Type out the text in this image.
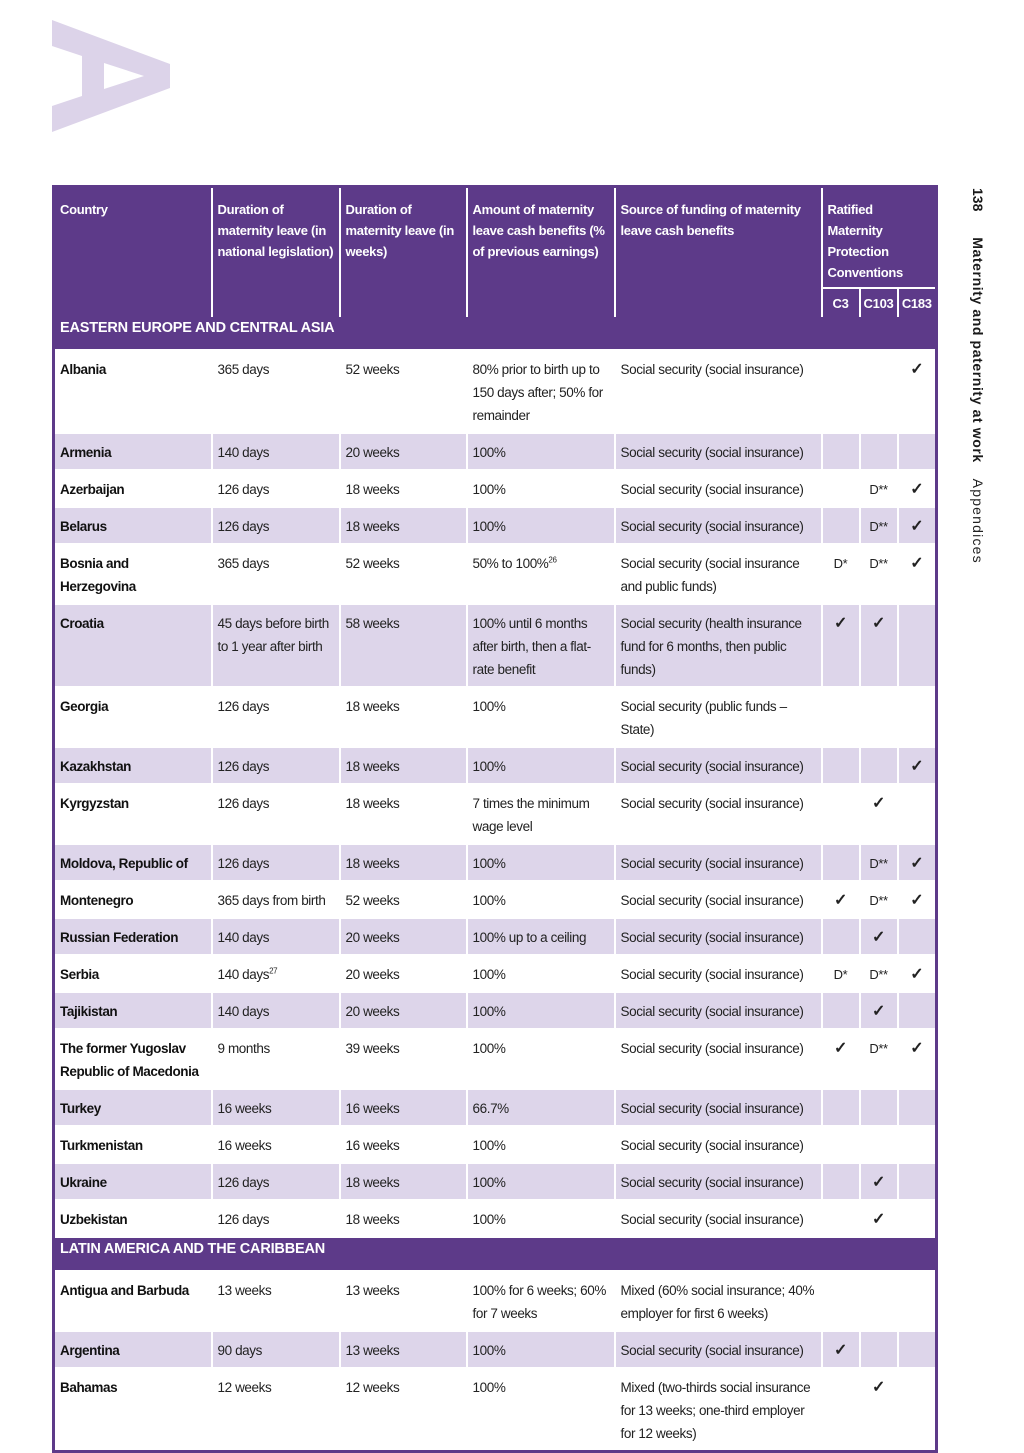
138 Maternity and paternity at work Appendices
Country	Duration of maternity leave (in national legislation)	Duration of maternity leave (in weeks)	Amount of maternity leave cash benefits (% of previous earnings)	Source of funding of maternity leave cash benefits	Ratified Maternity Protection Conventions		
					C3	C103	C183
EASTERN EUROPE AND CENTRAL ASIA							
Albania	365 days	52 weeks	80% prior to birth up to 150 days after; 50% for remainder	Social security (social insurance)			✓
Armenia	140 days	20 weeks	100%	Social security (social insurance)			
Azerbaijan	126 days	18 weeks	100%	Social security (social insurance)		D**	✓
Belarus	126 days	18 weeks	100%	Social security (social insurance)		D**	✓
Bosnia and Herzegovina	365 days	52 weeks	50% to 100%$^{26}$	Social security (social insurance and public funds)	D*	D**	✓
Croatia	45 days before birth to 1 year after birth	58 weeks	100% until 6 months after birth, then a flat-rate benefit	Social security (health insurance fund for 6 months, then public funds)	✓	✓	
Georgia	126 days	18 weeks	100%	Social security (public funds – State)			
Kazakhstan	126 days	18 weeks	100%	Social security (social insurance)			✓
Kyrgyzstan	126 days	18 weeks	7 times the minimum wage level	Social security (social insurance)		✓	
Moldova, Republic of	126 days	18 weeks	100%	Social security (social insurance)		D**	✓
Montenegro	365 days from birth	52 weeks	100%	Social security (social insurance)	✓	D**	✓
Russian Federation	140 days	20 weeks	100% up to a ceiling	Social security (social insurance)		✓	
Serbia	140 days$^{27}$	20 weeks	100%	Social security (social insurance)	D*	D**	✓
Tajikistan	140 days	20 weeks	100%	Social security (social insurance)		✓	
The former Yugoslav Republic of Macedonia	9 months	39 weeks	100%	Social security (social insurance)	✓	D**	✓
Turkey	16 weeks	16 weeks	66.7%	Social security (social insurance)			
Turkmenistan	16 weeks	16 weeks	100%	Social security (social insurance)			
Ukraine	126 days	18 weeks	100%	Social security (social insurance)		✓	
Uzbekistan	126 days	18 weeks	100%	Social security (social insurance)		✓	
LATIN AMERICA AND THE CARIBBEAN							
Antigua and Barbuda	13 weeks	13 weeks	100% for 6 weeks; 60% for 7 weeks	Mixed (60% social insurance; 40% employer for first 6 weeks)			
Argentina	90 days	13 weeks	100%	Social security (social insurance)	✓		
Bahamas	12 weeks	12 weeks	100%	Mixed (two-thirds social insurance for 13 weeks; one-third employer for 12 weeks)		✓	
